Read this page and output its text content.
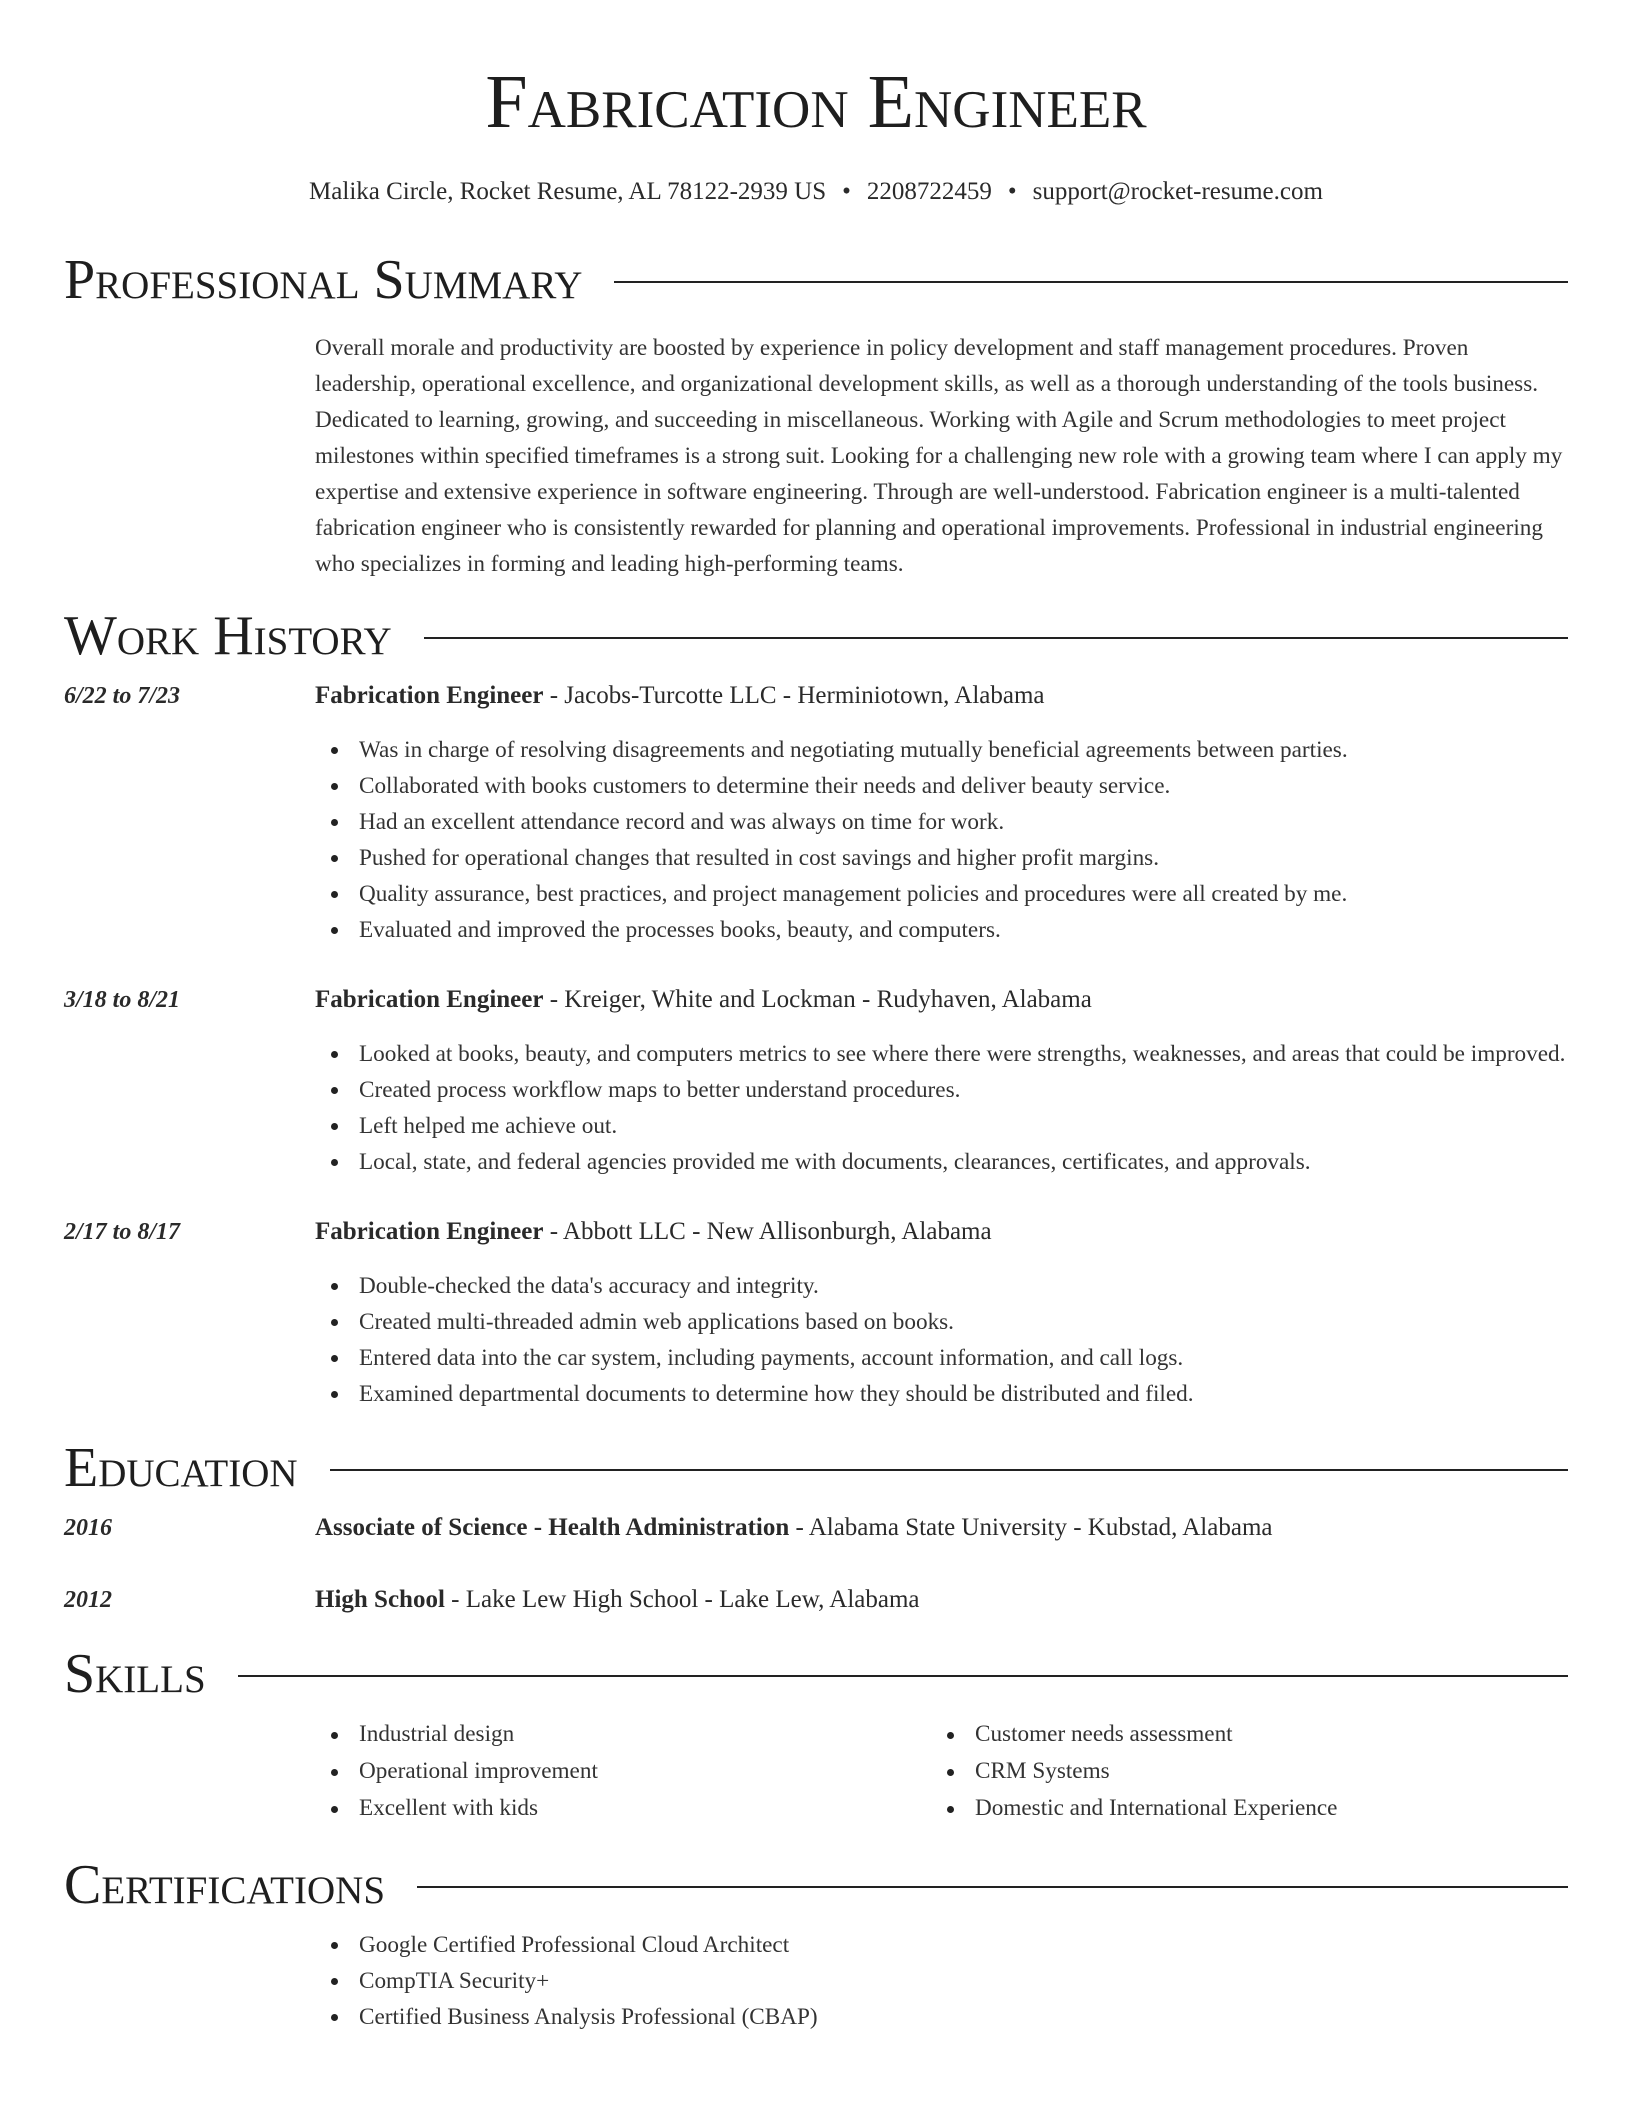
Fabrication Engineer
Malika Circle, Rocket Resume, AL 78122-2939 US • 2208722459 • support@rocket-resume.com
Professional Summary
Overall morale and productivity are boosted by experience in policy development and staff management procedures. Proven leadership, operational excellence, and organizational development skills, as well as a thorough understanding of the tools business. Dedicated to learning, growing, and succeeding in miscellaneous. Working with Agile and Scrum methodologies to meet project milestones within specified timeframes is a strong suit. Looking for a challenging new role with a growing team where I can apply my expertise and extensive experience in software engineering. Through are well-understood. Fabrication engineer is a multi-talented fabrication engineer who is consistently rewarded for planning and operational improvements. Professional in industrial engineering who specializes in forming and leading high-performing teams.
Work History
6/22 to 7/23	Fabrication Engineer - Jacobs-Turcotte LLC - Herminiotown, Alabama
Was in charge of resolving disagreements and negotiating mutually beneficial agreements between parties.
Collaborated with books customers to determine their needs and deliver beauty service.
Had an excellent attendance record and was always on time for work.
Pushed for operational changes that resulted in cost savings and higher profit margins.
Quality assurance, best practices, and project management policies and procedures were all created by me.
Evaluated and improved the processes books, beauty, and computers.
3/18 to 8/21	Fabrication Engineer - Kreiger, White and Lockman - Rudyhaven, Alabama
Looked at books, beauty, and computers metrics to see where there were strengths, weaknesses, and areas that could be improved.
Created process workflow maps to better understand procedures.
Left helped me achieve out.
Local, state, and federal agencies provided me with documents, clearances, certificates, and approvals.
2/17 to 8/17	Fabrication Engineer - Abbott LLC - New Allisonburgh, Alabama
Double-checked the data's accuracy and integrity.
Created multi-threaded admin web applications based on books.
Entered data into the car system, including payments, account information, and call logs.
Examined departmental documents to determine how they should be distributed and filed.
Education
2016	Associate of Science - Health Administration - Alabama State University - Kubstad, Alabama
2012	High School - Lake Lew High School - Lake Lew, Alabama
Skills
Industrial design
Operational improvement
Excellent with kids
Customer needs assessment
CRM Systems
Domestic and International Experience
Certifications
Google Certified Professional Cloud Architect
CompTIA Security+
Certified Business Analysis Professional (CBAP)
